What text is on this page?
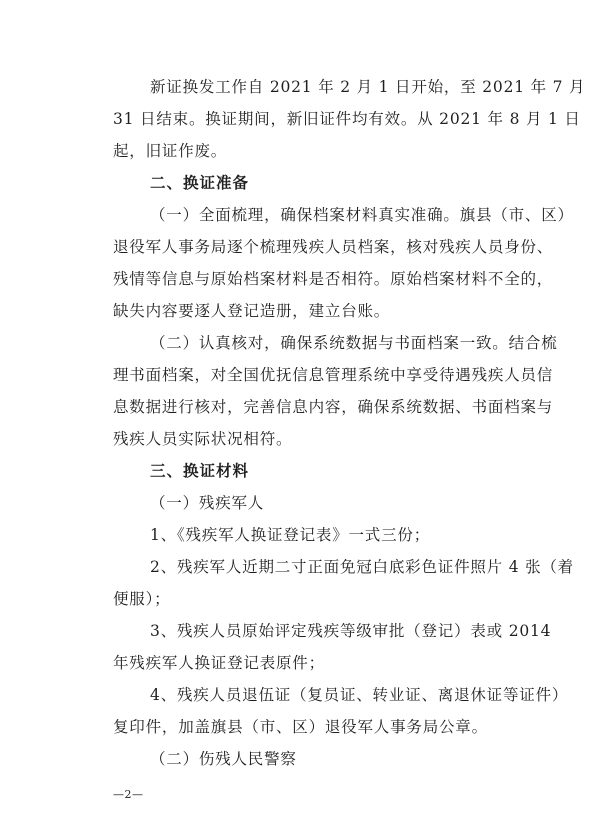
新证换发工作自 2021 年 2 月 1 日开始，至 2021 年 7 月
31 日结束。换证期间，新旧证件均有效。从 2021 年 8 月 1 日
起，旧证作废。
二、换证准备
（一）全面梳理，确保档案材料真实准确。旗县（市、区）
退役军人事务局逐个梳理残疾人员档案，核对残疾人员身份、
残情等信息与原始档案材料是否相符。原始档案材料不全的，
缺失内容要逐人登记造册，建立台账。
（二）认真核对，确保系统数据与书面档案一致。结合梳
理书面档案，对全国优抚信息管理系统中享受待遇残疾人员信
息数据进行核对，完善信息内容，确保系统数据、书面档案与
残疾人员实际状况相符。
三、换证材料
（一）残疾军人
1、《残疾军人换证登记表》一式三份；
2、残疾军人近期二寸正面免冠白底彩色证件照片 4 张（着
便服）；
3、残疾人员原始评定残疾等级审批（登记）表或 2014
年残疾军人换证登记表原件；
4、残疾人员退伍证（复员证、转业证、离退休证等证件）
复印件，加盖旗县（市、区）退役军人事务局公章。
（二）伤残人民警察
—2—
